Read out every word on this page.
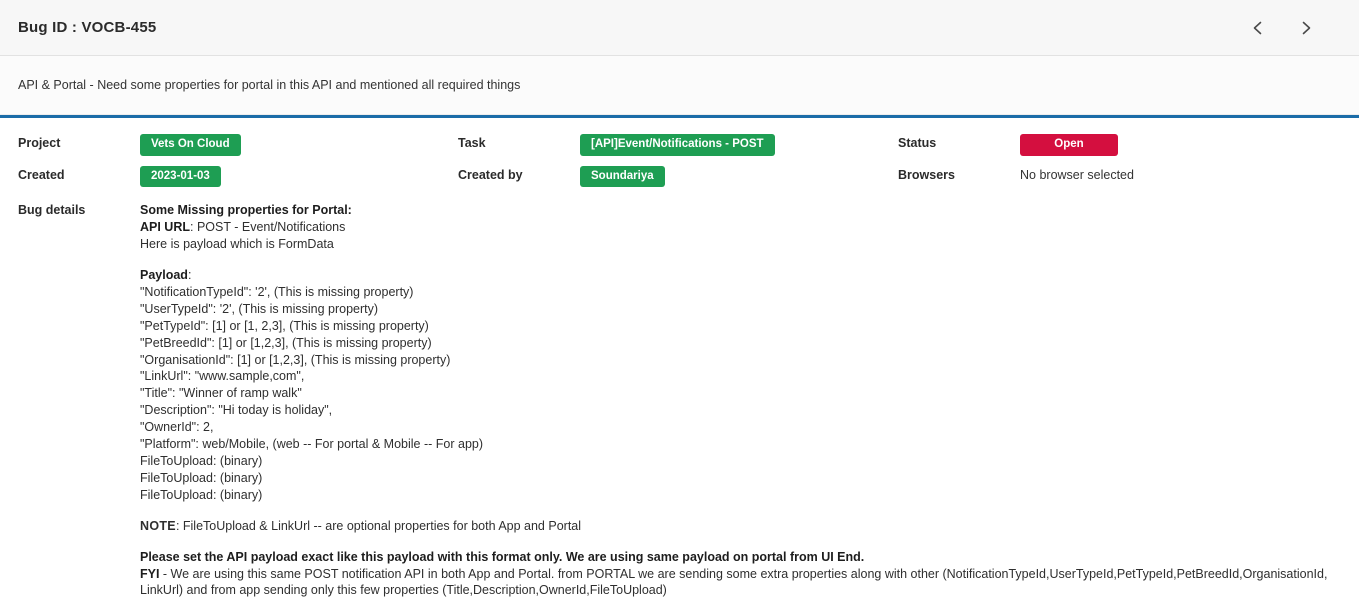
Bug ID : VOCB-455
API & Portal - Need some properties for portal in this API and mentioned all required things
Project	Vets On Cloud	Task	[API]Event/Notifications - POST	Status	Open
Created	2023-01-03	Created by	Soundariya	Browsers	No browser selected
Bug details	Some Missing properties for Portal:
API URL: POST - Event/Notifications
Here is payload which is FormData
Payload:
"NotificationTypeId": '2', (This is missing property)
"UserTypeId": '2', (This is missing property)
"PetTypeId": [1] or [1, 2,3], (This is missing property)
"PetBreedId": [1] or [1,2,3], (This is missing property)
"OrganisationId": [1] or [1,2,3], (This is missing property)
"LinkUrl": "www.sample,com",
"Title": "Winner of ramp walk"
"Description": "Hi today is holiday",
"OwnerId": 2,
"Platform": web/Mobile, (web -- For portal & Mobile -- For app)
FileToUpload: (binary)
FileToUpload: (binary)
FileToUpload: (binary)
NOTE: FileToUpload & LinkUrl -- are optional properties for both App and Portal
Please set the API payload exact like this payload with this format only. We are using same payload on portal from UI End.
FYI - We are using this same POST notification API in both App and Portal. from PORTAL we are sending some extra properties along with other (NotificationTypeId,UserTypeId,PetTypeId,PetBreedId,OrganisationId, LinkUrl) and from app sending only this few properties (Title,Description,OwnerId,FileToUpload)
